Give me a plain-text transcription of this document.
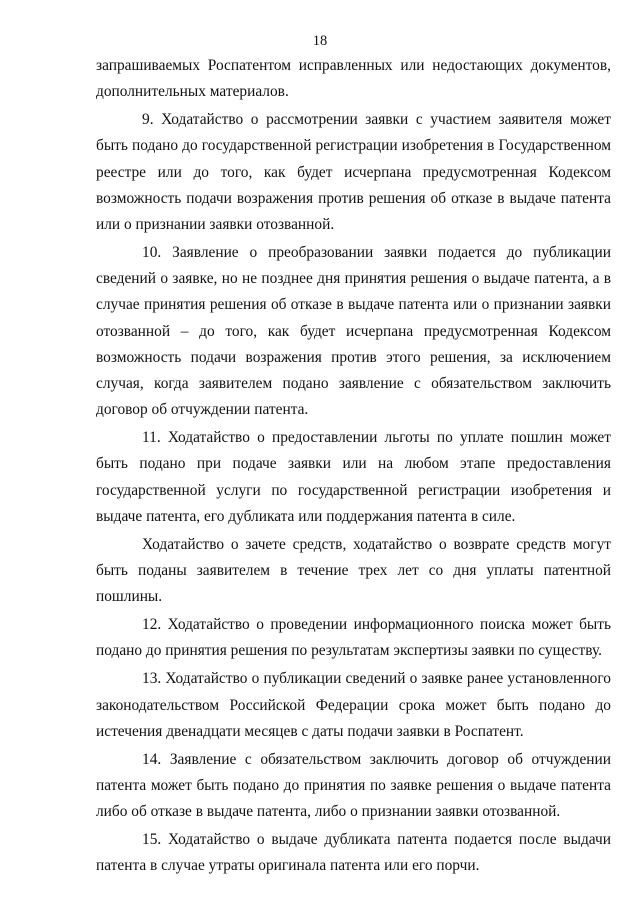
18

запрашиваемых Роспатентом исправленных или недостающих документов, дополнительных материалов.

9. Ходатайство о рассмотрении заявки с участием заявителя может быть подано до государственной регистрации изобретения в Государственном реестре или до того, как будет исчерпана предусмотренная Кодексом возможность подачи возражения против решения об отказе в выдаче патента или о признании заявки отозванной.

10. Заявление о преобразовании заявки подается до публикации сведений о заявке, но не позднее дня принятия решения о выдаче патента, а в случае принятия решения об отказе в выдаче патента или о признании заявки отозванной – до того, как будет исчерпана предусмотренная Кодексом возможность подачи возражения против этого решения, за исключением случая, когда заявителем подано заявление с обязательством заключить договор об отчуждении патента.

11. Ходатайство о предоставлении льготы по уплате пошлин может быть подано при подаче заявки или на любом этапе предоставления государственной услуги по государственной регистрации изобретения и выдаче патента, его дубликата или поддержания патента в силе.

Ходатайство о зачете средств, ходатайство о возврате средств могут быть поданы заявителем в течение трех лет со дня уплаты патентной пошлины.

12. Ходатайство о проведении информационного поиска может быть подано до принятия решения по результатам экспертизы заявки по существу.

13. Ходатайство о публикации сведений о заявке ранее установленного законодательством Российской Федерации срока может быть подано до истечения двенадцати месяцев с даты подачи заявки в Роспатент.

14. Заявление с обязательством заключить договор об отчуждении патента может быть подано до принятия по заявке решения о выдаче патента либо об отказе в выдаче патента, либо о признании заявки отозванной.

15. Ходатайство о выдаче дубликата патента подается после выдачи патента в случае утраты оригинала патента или его порчи.
